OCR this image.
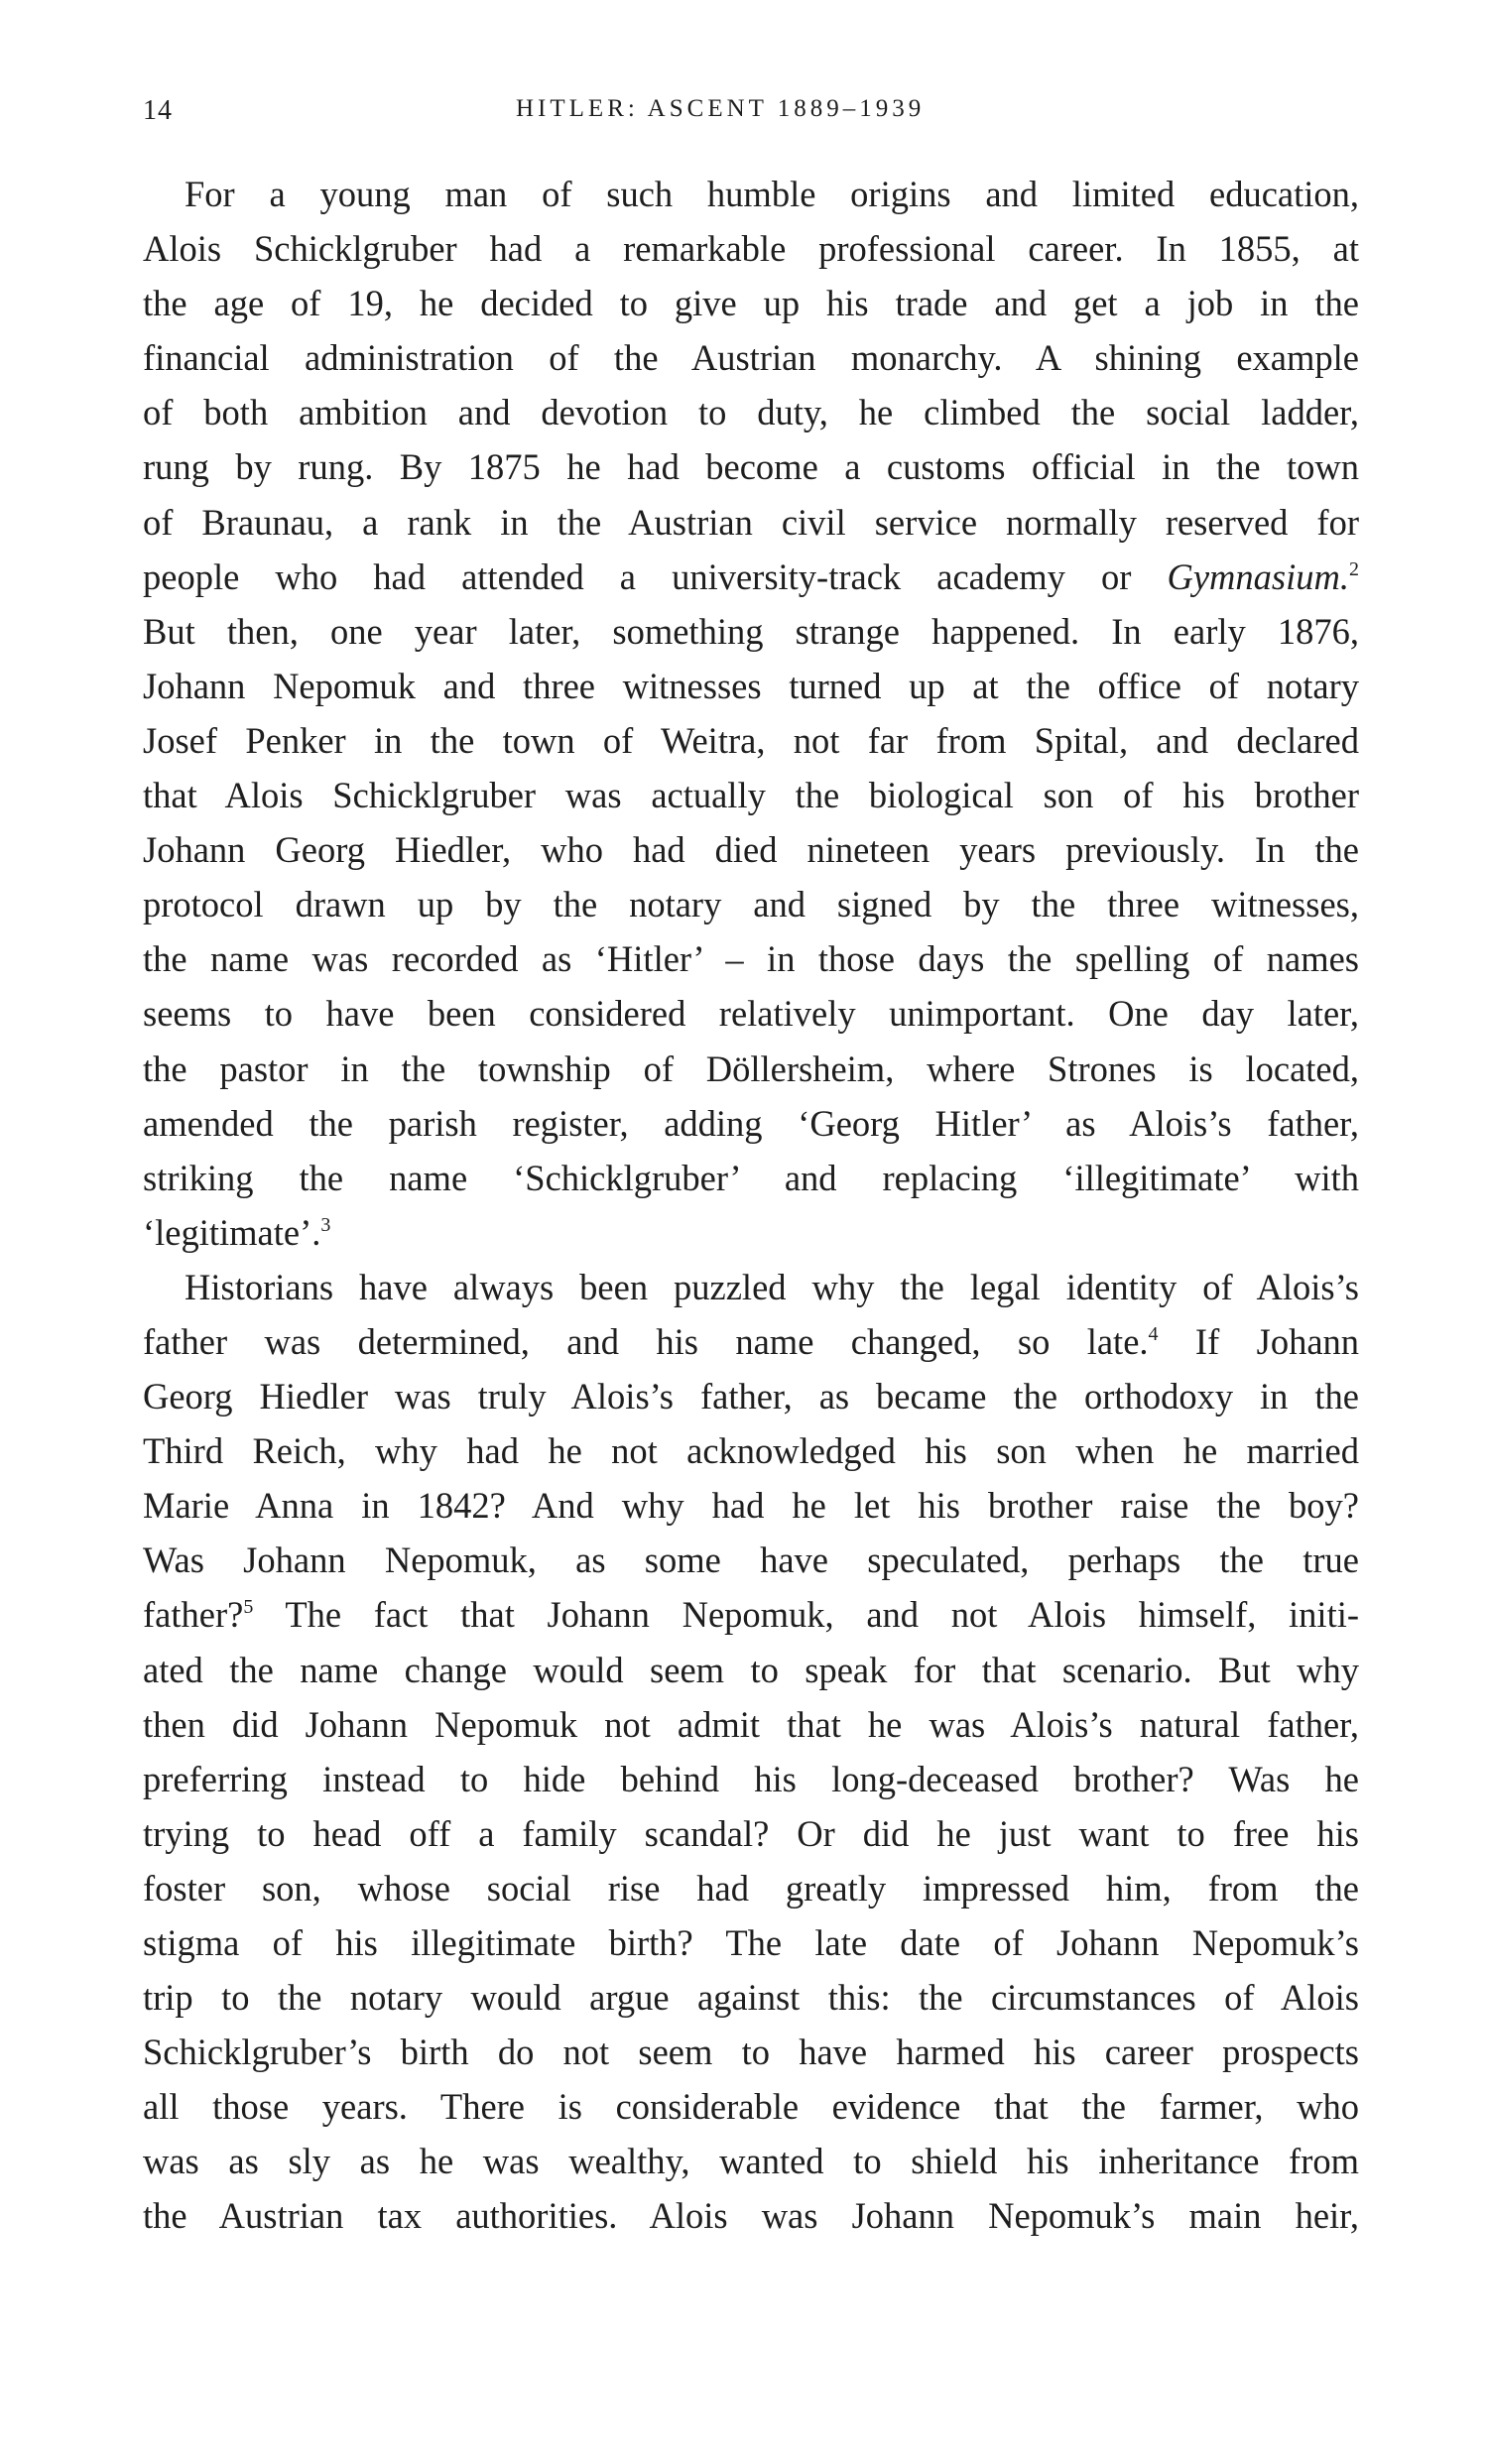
14	HITLER: ASCENT 1889–1939
For a young man of such humble origins and limited education,
Alois Schicklgruber had a remarkable professional career. In 1855, at
the age of 19, he decided to give up his trade and get a job in the
financial administration of the Austrian monarchy. A shining example
of both ambition and devotion to duty, he climbed the social ladder,
rung by rung. By 1875 he had become a customs official in the town
of Braunau, a rank in the Austrian civil service normally reserved for
people who had attended a university-track academy or Gymnasium.$^2$
But then, one year later, something strange happened. In early 1876,
Johann Nepomuk and three witnesses turned up at the office of notary
Josef Penker in the town of Weitra, not far from Spital, and declared
that Alois Schicklgruber was actually the biological son of his brother
Johann Georg Hiedler, who had died nineteen years previously. In the
protocol drawn up by the notary and signed by the three witnesses,
the name was recorded as ‘Hitler’ – in those days the spelling of names
seems to have been considered relatively unimportant. One day later,
the pastor in the township of Döllersheim, where Strones is located,
amended the parish register, adding ‘Georg Hitler’ as Alois’s father,
striking the name ‘Schicklgruber’ and replacing ‘illegitimate’ with
‘legitimate’.$^3$
Historians have always been puzzled why the legal identity of Alois’s
father was determined, and his name changed, so late.$^4$ If Johann
Georg Hiedler was truly Alois’s father, as became the orthodoxy in the
Third Reich, why had he not acknowledged his son when he married
Marie Anna in 1842? And why had he let his brother raise the boy?
Was Johann Nepomuk, as some have speculated, perhaps the true
father?$^5$ The fact that Johann Nepomuk, and not Alois himself, initi-
ated the name change would seem to speak for that scenario. But why
then did Johann Nepomuk not admit that he was Alois’s natural father,
preferring instead to hide behind his long-deceased brother? Was he
trying to head off a family scandal? Or did he just want to free his
foster son, whose social rise had greatly impressed him, from the
stigma of his illegitimate birth? The late date of Johann Nepomuk’s
trip to the notary would argue against this: the circumstances of Alois
Schicklgruber’s birth do not seem to have harmed his career prospects
all those years. There is considerable evidence that the farmer, who
was as sly as he was wealthy, wanted to shield his inheritance from
the Austrian tax authorities. Alois was Johann Nepomuk’s main heir,
